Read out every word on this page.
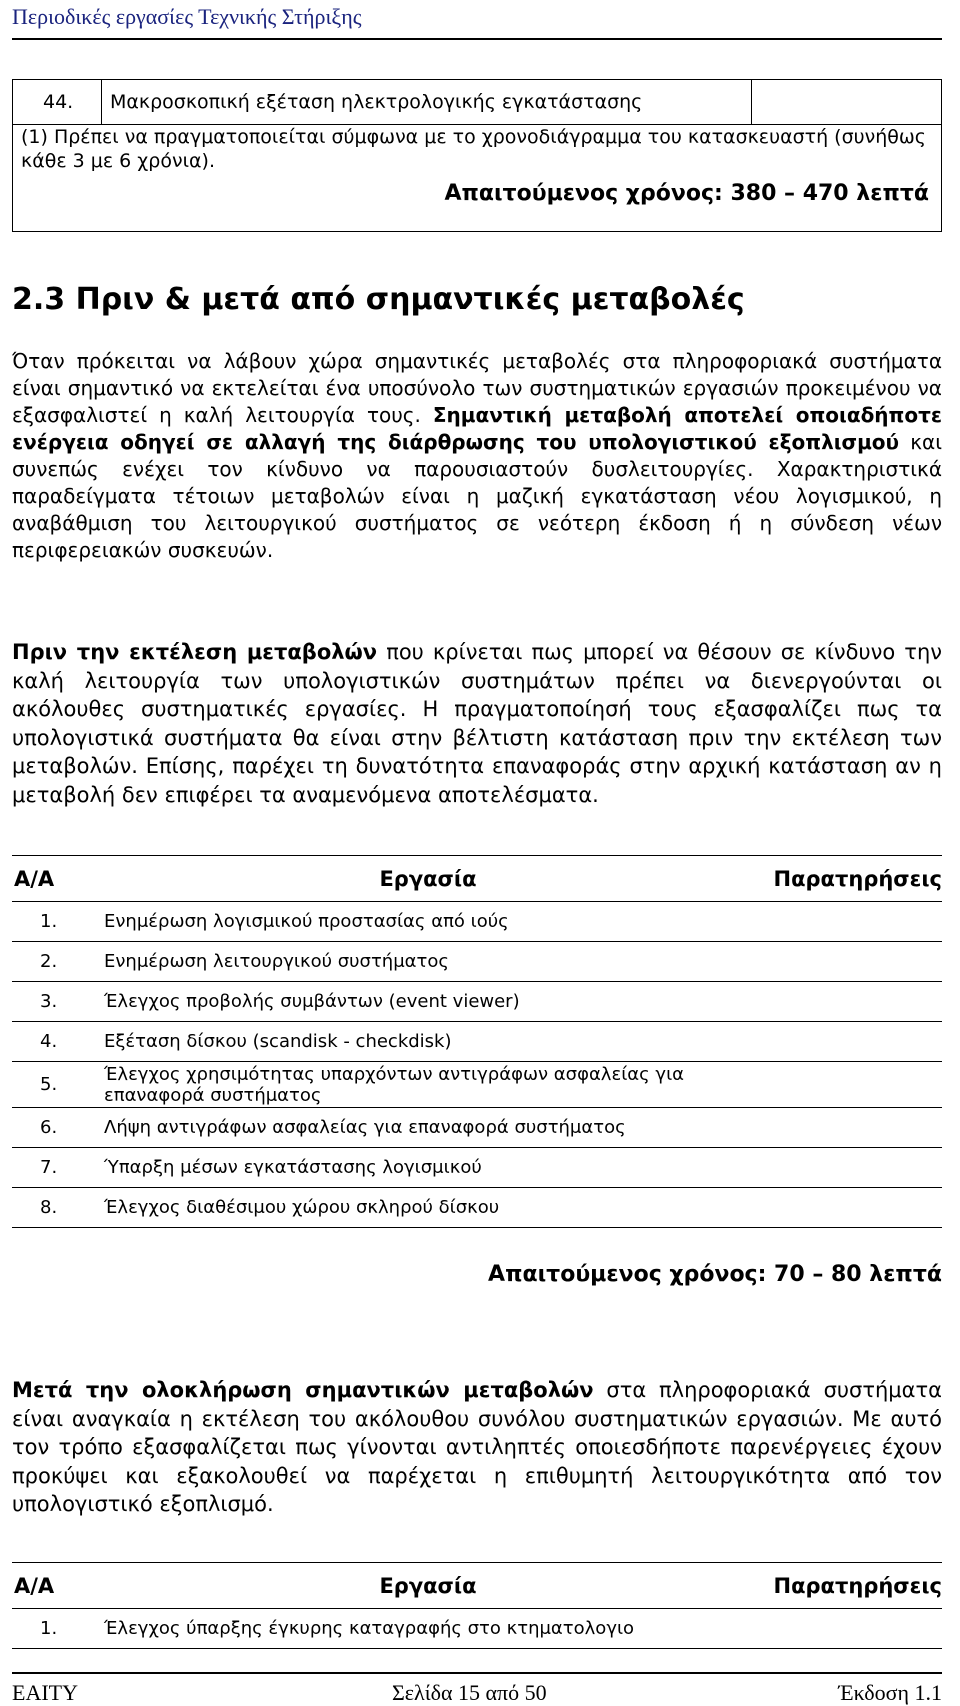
Περιοδικές εργασίες Τεχνικής Στήριξης
44.	Μακροσκοπική εξέταση ηλεκτρολογικής εγκατάστασης	
(1) Πρέπει να πραγματοποιείται σύμφωνα με το χρονοδιάγραμμα του κατασκευαστή (συνήθως κάθε 3 με 6 χρόνια).
Απαιτούμενος χρόνος: 380 – 470 λεπτά
2.3 Πριν & μετά από σημαντικές μεταβολές

Όταν πρόκειται να λάβουν χώρα σημαντικές μεταβολές στα πληροφοριακά συστήματα είναι σημαντικό να εκτελείται ένα υποσύνολο των συστηματικών εργασιών προκειμένου να εξασφαλιστεί η καλή λειτουργία τους. Σημαντική μεταβολή αποτελεί οποιαδήποτε ενέργεια οδηγεί σε αλλαγή της διάρθρωσης του υπολογιστικού εξοπλισμού και συνεπώς ενέχει τον κίνδυνο να παρουσιαστούν δυσλειτουργίες. Χαρακτηριστικά παραδείγματα τέτοιων μεταβολών είναι η μαζική εγκατάσταση νέου λογισμικού, η αναβάθμιση του λειτουργικού συστήματος σε νεότερη έκδοση ή η σύνδεση νέων περιφερειακών συσκευών.

Πριν την εκτέλεση μεταβολών που κρίνεται πως μπορεί να θέσουν σε κίνδυνο την καλή λειτουργία των υπολογιστικών συστημάτων πρέπει να διενεργούνται οι ακόλουθες συστηματικές εργασίες. Η πραγματοποίησή τους εξασφαλίζει πως τα υπολογιστικά συστήματα θα είναι στην βέλτιστη κατάσταση πριν την εκτέλεση των μεταβολών. Επίσης, παρέχει τη δυνατότητα επαναφοράς στην αρχική κατάσταση αν η μεταβολή δεν επιφέρει τα αναμενόμενα αποτελέσματα.

Α/Α	Εργασία	Παρατηρήσεις
1.	Ενημέρωση λογισμικού προστασίας από ιούς	
2.	Ενημέρωση λειτουργικού συστήματος	
3.	Έλεγχος προβολής συμβάντων (event viewer)	
4.	Εξέταση δίσκου (scandisk - checkdisk)	
5.	Έλεγχος χρησιμότητας υπαρχόντων αντιγράφων ασφαλείας για επαναφορά συστήματος	
6.	Λήψη αντιγράφων ασφαλείας για επαναφορά συστήματος	
7.	Ύπαρξη μέσων εγκατάστασης λογισμικού	
8.	Έλεγχος διαθέσιμου χώρου σκληρού δίσκου	

Απαιτούμενος χρόνος: 70 – 80 λεπτά

Μετά την ολοκλήρωση σημαντικών μεταβολών στα πληροφοριακά συστήματα είναι αναγκαία η εκτέλεση του ακόλουθου συνόλου συστηματικών εργασιών. Με αυτό τον τρόπο εξασφαλίζεται πως γίνονται αντιληπτές οποιεσδήποτε παρενέργειες έχουν προκύψει και εξακολουθεί να παρέχεται η επιθυμητή λειτουργικότητα από τον υπολογιστικό εξοπλισμό.

Α/Α	Εργασία	Παρατηρήσεις
1.	Έλεγχος ύπαρξης έγκυρης καταγραφής στο κτηματολογιο	
ΕΑΙΤΥ	Σελίδα 15 από 50	Έκδοση 1.1
